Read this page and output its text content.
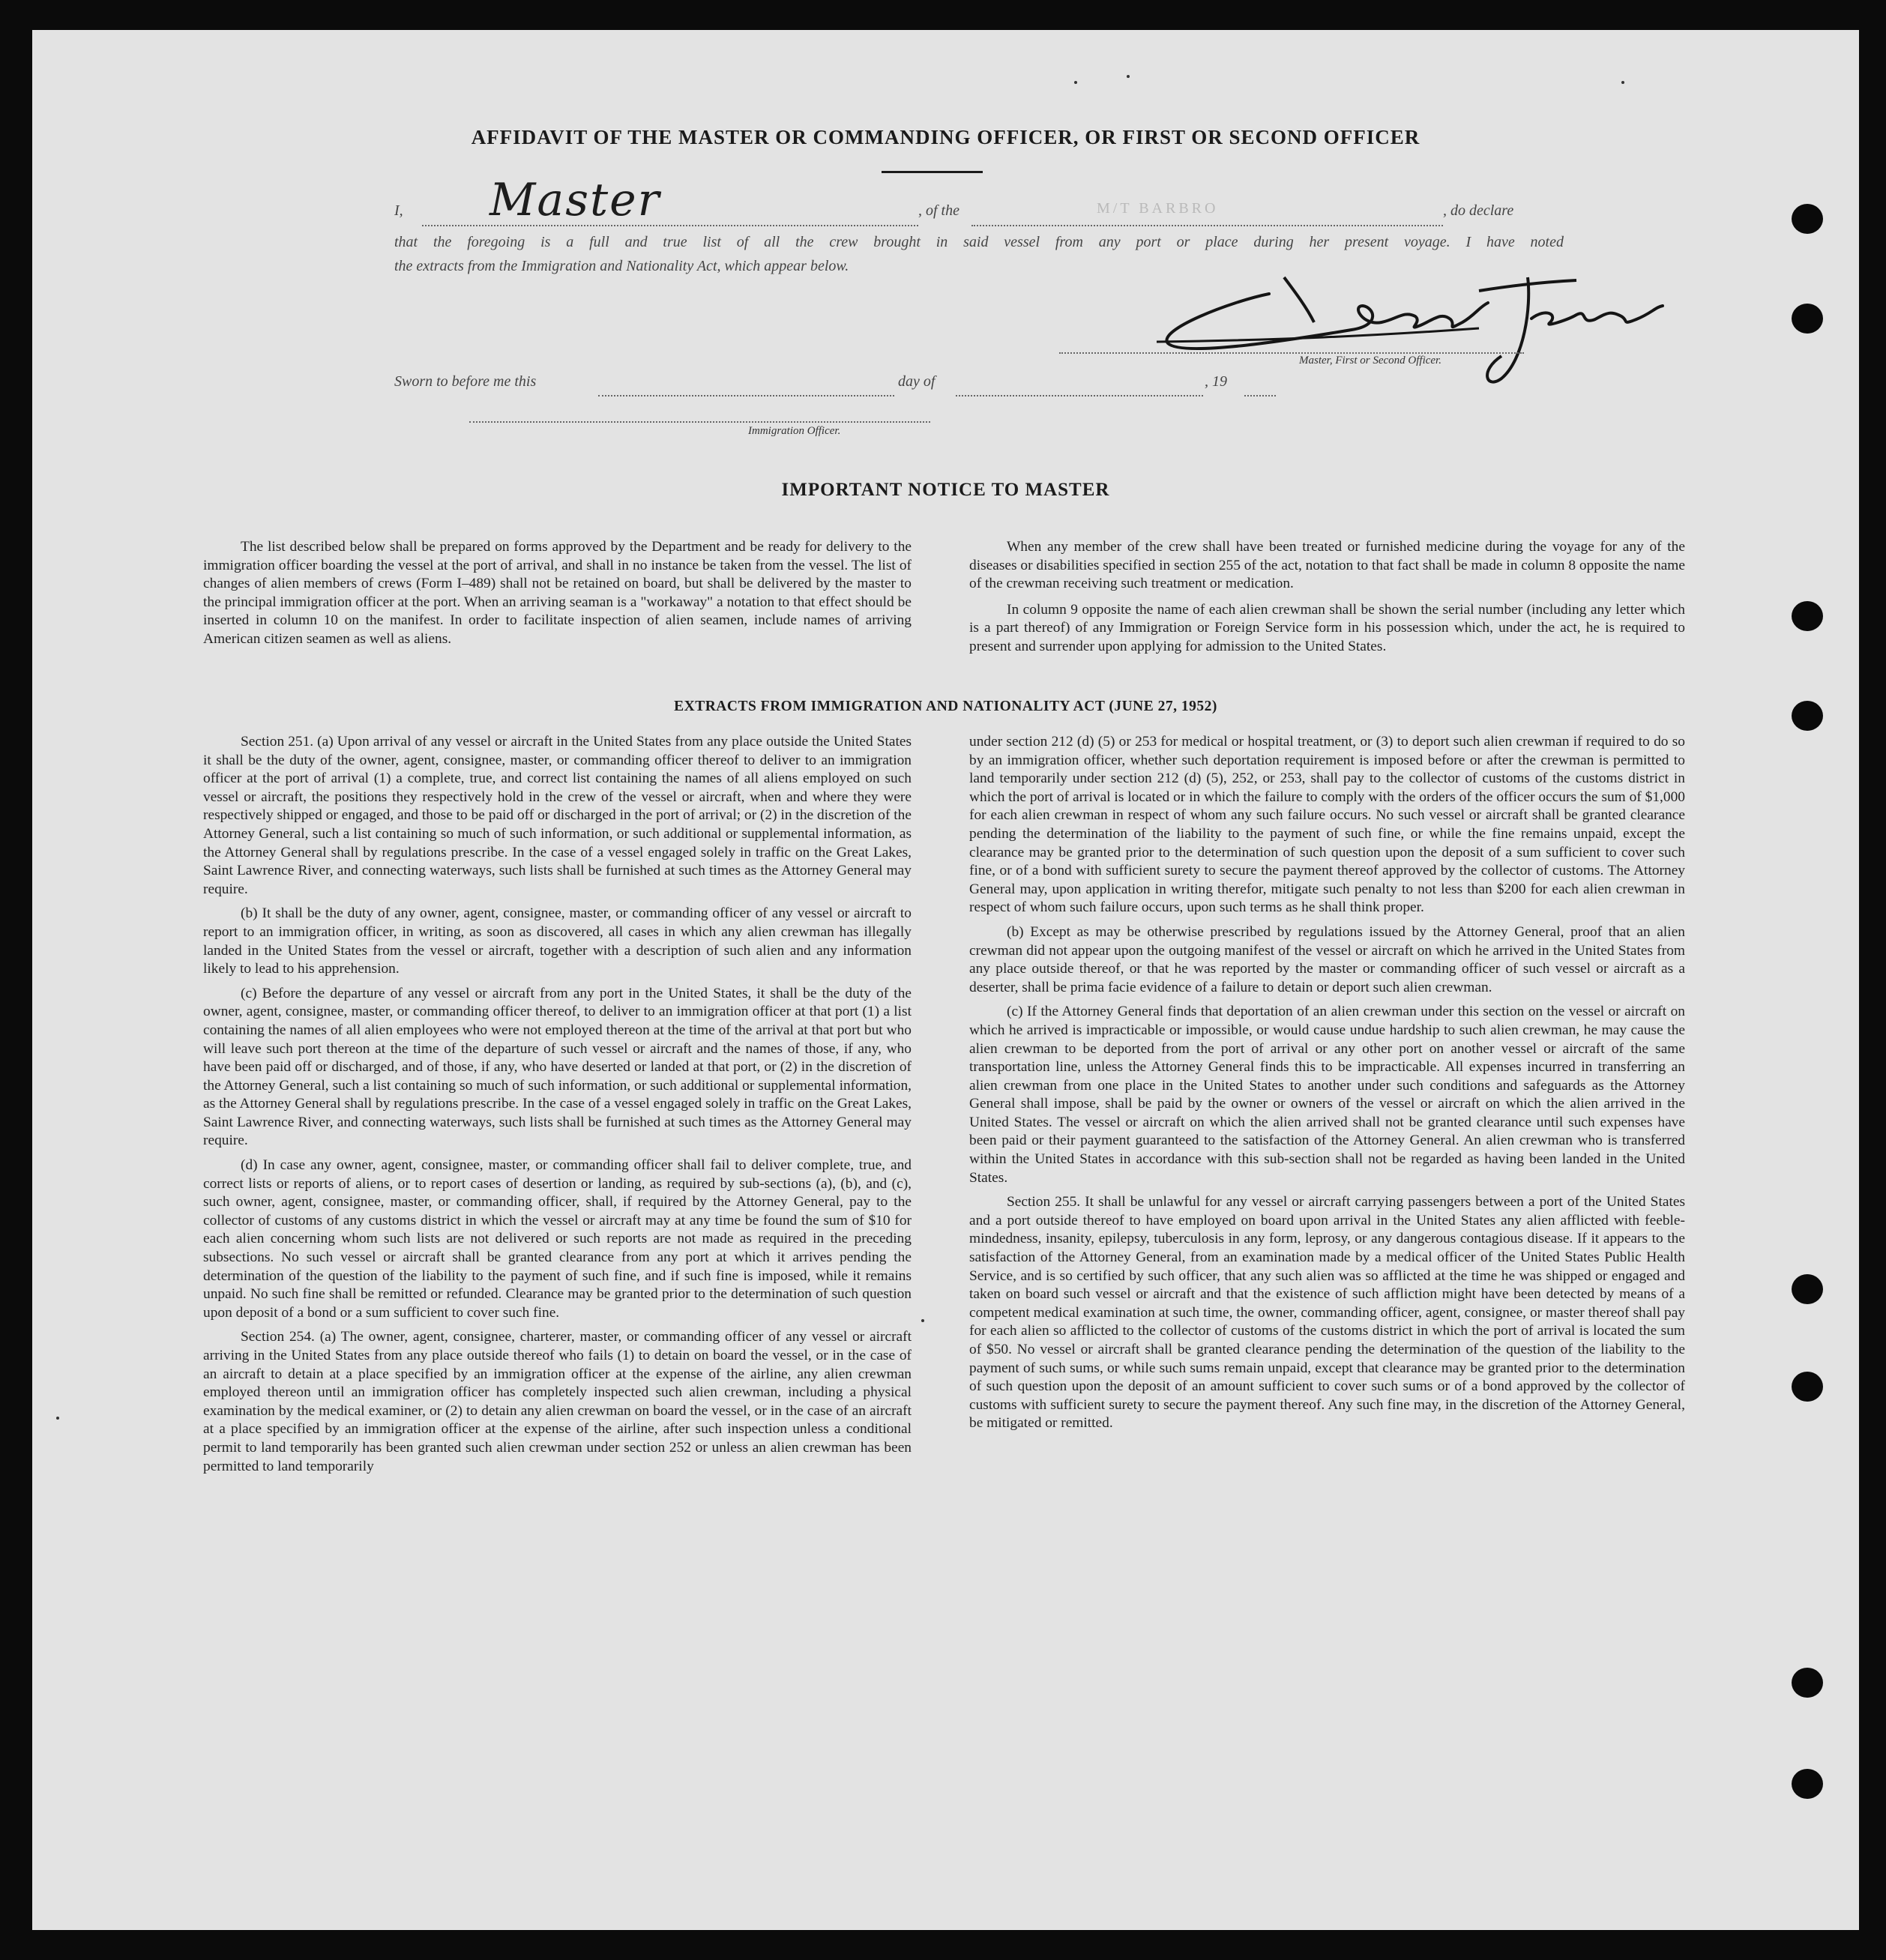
AFFIDAVIT OF THE MASTER OR COMMANDING OFFICER, OR FIRST OR SECOND OFFICER
I, Master	, of the	M/T BARBRO	, do declare
that the foregoing is a full and true list of all the crew brought in said vessel from any port or place during her present voyage. I have noted
the extracts from the Immigration and Nationality Act, which appear below.
Master, First or Second Officer.
Sworn to before me this	day of	, 19
Immigration Officer.
IMPORTANT NOTICE TO MASTER

The list described below shall be prepared on forms approved by the Department and be ready for delivery to the immigration officer boarding the vessel at the port of arrival, and shall in no instance be taken from the vessel. The list of changes of alien members of crews (Form I–489) shall not be retained on board, but shall be delivered by the master to the principal immigration officer at the port. When an arriving seaman is a "workaway" a notation to that effect should be inserted in column 10 on the manifest. In order to facilitate inspection of alien seamen, include names of arriving American citizen seamen as well as aliens.

When any member of the crew shall have been treated or furnished medicine during the voyage for any of the diseases or disabilities specified in section 255 of the act, notation to that fact shall be made in column 8 opposite the name of the crewman receiving such treatment or medication.

In column 9 opposite the name of each alien crewman shall be shown the serial number (including any letter which is a part thereof) of any Immigration or Foreign Service form in his possession which, under the act, he is required to present and surrender upon applying for admission to the United States.

EXTRACTS FROM IMMIGRATION AND NATIONALITY ACT (JUNE 27, 1952)

Section 251. (a) Upon arrival of any vessel or aircraft in the United States from any place outside the United States it shall be the duty of the owner, agent, consignee, master, or commanding officer thereof to deliver to an immigration officer at the port of arrival (1) a complete, true, and correct list containing the names of all aliens employed on such vessel or aircraft, the positions they respectively hold in the crew of the vessel or aircraft, when and where they were respectively shipped or engaged, and those to be paid off or discharged in the port of arrival; or (2) in the discretion of the Attorney General, such a list containing so much of such information, or such additional or supplemental information, as the Attorney General shall by regulations prescribe. In the case of a vessel engaged solely in traffic on the Great Lakes, Saint Lawrence River, and connecting waterways, such lists shall be furnished at such times as the Attorney General may require.

(b) It shall be the duty of any owner, agent, consignee, master, or commanding officer of any vessel or aircraft to report to an immigration officer, in writing, as soon as discovered, all cases in which any alien crewman has illegally landed in the United States from the vessel or aircraft, together with a description of such alien and any information likely to lead to his apprehension.

(c) Before the departure of any vessel or aircraft from any port in the United States, it shall be the duty of the owner, agent, consignee, master, or commanding officer thereof, to deliver to an immigration officer at that port (1) a list containing the names of all alien employees who were not employed thereon at the time of the arrival at that port but who will leave such port thereon at the time of the departure of such vessel or aircraft and the names of those, if any, who have been paid off or discharged, and of those, if any, who have deserted or landed at that port, or (2) in the discretion of the Attorney General, such a list containing so much of such information, or such additional or supplemental information, as the Attorney General shall by regulations prescribe. In the case of a vessel engaged solely in traffic on the Great Lakes, Saint Lawrence River, and connecting waterways, such lists shall be furnished at such times as the Attorney General may require.

(d) In case any owner, agent, consignee, master, or commanding officer shall fail to deliver complete, true, and correct lists or reports of aliens, or to report cases of desertion or landing, as required by sub-sections (a), (b), and (c), such owner, agent, consignee, master, or commanding officer, shall, if required by the Attorney General, pay to the collector of customs of any customs district in which the vessel or aircraft may at any time be found the sum of $10 for each alien concerning whom such lists are not delivered or such reports are not made as required in the preceding subsections. No such vessel or aircraft shall be granted clearance from any port at which it arrives pending the determination of the question of the liability to the payment of such fine, and if such fine is imposed, while it remains unpaid. No such fine shall be remitted or refunded. Clearance may be granted prior to the determination of such question upon deposit of a bond or a sum sufficient to cover such fine.

Section 254. (a) The owner, agent, consignee, charterer, master, or commanding officer of any vessel or aircraft arriving in the United States from any place outside thereof who fails (1) to detain on board the vessel, or in the case of an aircraft to detain at a place specified by an immigration officer at the expense of the airline, any alien crewman employed thereon until an immigration officer has completely inspected such alien crewman, including a physical examination by the medical examiner, or (2) to detain any alien crewman on board the vessel, or in the case of an aircraft at a place specified by an immigration officer at the expense of the airline, after such inspection unless a conditional permit to land temporarily has been granted such alien crewman under section 252 or unless an alien crewman has been permitted to land temporarily

under section 212 (d) (5) or 253 for medical or hospital treatment, or (3) to deport such alien crewman if required to do so by an immigration officer, whether such deportation requirement is imposed before or after the crewman is permitted to land temporarily under section 212 (d) (5), 252, or 253, shall pay to the collector of customs of the customs district in which the port of arrival is located or in which the failure to comply with the orders of the officer occurs the sum of $1,000 for each alien crewman in respect of whom any such failure occurs. No such vessel or aircraft shall be granted clearance pending the determination of the liability to the payment of such fine, or while the fine remains unpaid, except the clearance may be granted prior to the determination of such question upon the deposit of a sum sufficient to cover such fine, or of a bond with sufficient surety to secure the payment thereof approved by the collector of customs. The Attorney General may, upon application in writing therefor, mitigate such penalty to not less than $200 for each alien crewman in respect of whom such failure occurs, upon such terms as he shall think proper.

(b) Except as may be otherwise prescribed by regulations issued by the Attorney General, proof that an alien crewman did not appear upon the outgoing manifest of the vessel or aircraft on which he arrived in the United States from any place outside thereof, or that he was reported by the master or commanding officer of such vessel or aircraft as a deserter, shall be prima facie evidence of a failure to detain or deport such alien crewman.

(c) If the Attorney General finds that deportation of an alien crewman under this section on the vessel or aircraft on which he arrived is impracticable or impossible, or would cause undue hardship to such alien crewman, he may cause the alien crewman to be deported from the port of arrival or any other port on another vessel or aircraft of the same transportation line, unless the Attorney General finds this to be impracticable. All expenses incurred in transferring an alien crewman from one place in the United States to another under such conditions and safeguards as the Attorney General shall impose, shall be paid by the owner or owners of the vessel or aircraft on which the alien arrived in the United States. The vessel or aircraft on which the alien arrived shall not be granted clearance until such expenses have been paid or their payment guaranteed to the satisfaction of the Attorney General. An alien crewman who is transferred within the United States in accordance with this sub-section shall not be regarded as having been landed in the United States.

Section 255. It shall be unlawful for any vessel or aircraft carrying passengers between a port of the United States and a port outside thereof to have employed on board upon arrival in the United States any alien afflicted with feeble-mindedness, insanity, epilepsy, tuberculosis in any form, leprosy, or any dangerous contagious disease. If it appears to the satisfaction of the Attorney General, from an examination made by a medical officer of the United States Public Health Service, and is so certified by such officer, that any such alien was so afflicted at the time he was shipped or engaged and taken on board such vessel or aircraft and that the existence of such affliction might have been detected by means of a competent medical examination at such time, the owner, commanding officer, agent, consignee, or master thereof shall pay for each alien so afflicted to the collector of customs of the customs district in which the port of arrival is located the sum of $50. No vessel or aircraft shall be granted clearance pending the determination of the question of the liability to the payment of such sums, or while such sums remain unpaid, except that clearance may be granted prior to the determination of such question upon the deposit of an amount sufficient to cover such sums or of a bond approved by the collector of customs with sufficient surety to secure the payment thereof. Any such fine may, in the discretion of the Attorney General, be mitigated or remitted.
